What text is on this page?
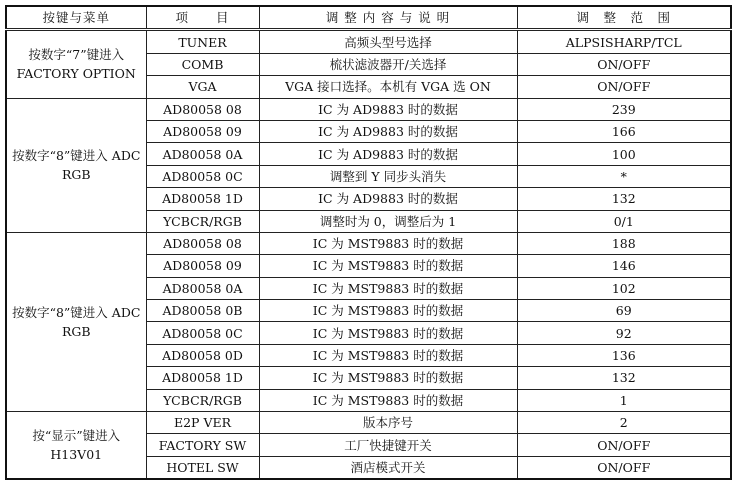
按键与菜单	项　　目	调 整 内 容 与 说 明	调　整　范　围
按数字“7”键进入 FACTORY OPTION	TUNER	高频头型号选择	ALPSISHARP/TCL
	COMB	梳状滤波器开/关选择	ON/OFF
	VGA	VGA 接口选择。本机有 VGA 选 ON	ON/OFF
按数字“8”键进入 ADC RGB	AD80058 08	IC 为 AD9883 时的数据	239
	AD80058 09	IC 为 AD9883 时的数据	166
	AD80058 0A	IC 为 AD9883 时的数据	100
	AD80058 0C	调整到 Y 同步头消失	*
	AD80058 1D	IC 为 AD9883 时的数据	132
	YCBCR/RGB	调整时为 0，调整后为 1	0/1
按数字“8”键进入 ADC RGB	AD80058 08	IC 为 MST9883 时的数据	188
	AD80058 09	IC 为 MST9883 时的数据	146
	AD80058 0A	IC 为 MST9883 时的数据	102
	AD80058 0B	IC 为 MST9883 时的数据	69
	AD80058 0C	IC 为 MST9883 时的数据	92
	AD80058 0D	IC 为 MST9883 时的数据	136
	AD80058 1D	IC 为 MST9883 时的数据	132
	YCBCR/RGB	IC 为 MST9883 时的数据	1
按“显示”键进入 H13V01	E2P VER	版本序号	2
	FACTORY SW	工厂快捷键开关	ON/OFF
	HOTEL SW	酒店模式开关	ON/OFF
